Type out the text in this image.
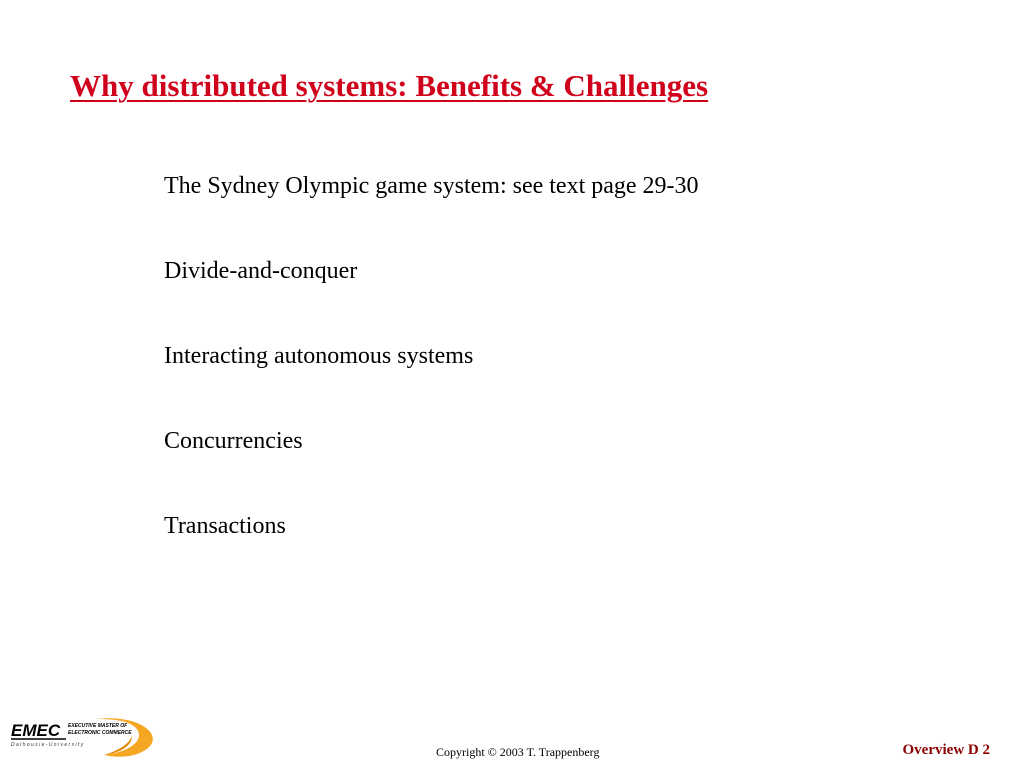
Why distributed systems: Benefits & Challenges
The Sydney Olympic game system: see text page 29-30
Divide-and-conquer
Interacting autonomous systems
Concurrencies
Transactions
EMEC EXECUTIVE MASTER OF
ELECTRONIC COMMERCE
D a l h o u s i e - U n i v e r s i t y	Copyright © 2003 T. Trappenberg	Overview D 2
